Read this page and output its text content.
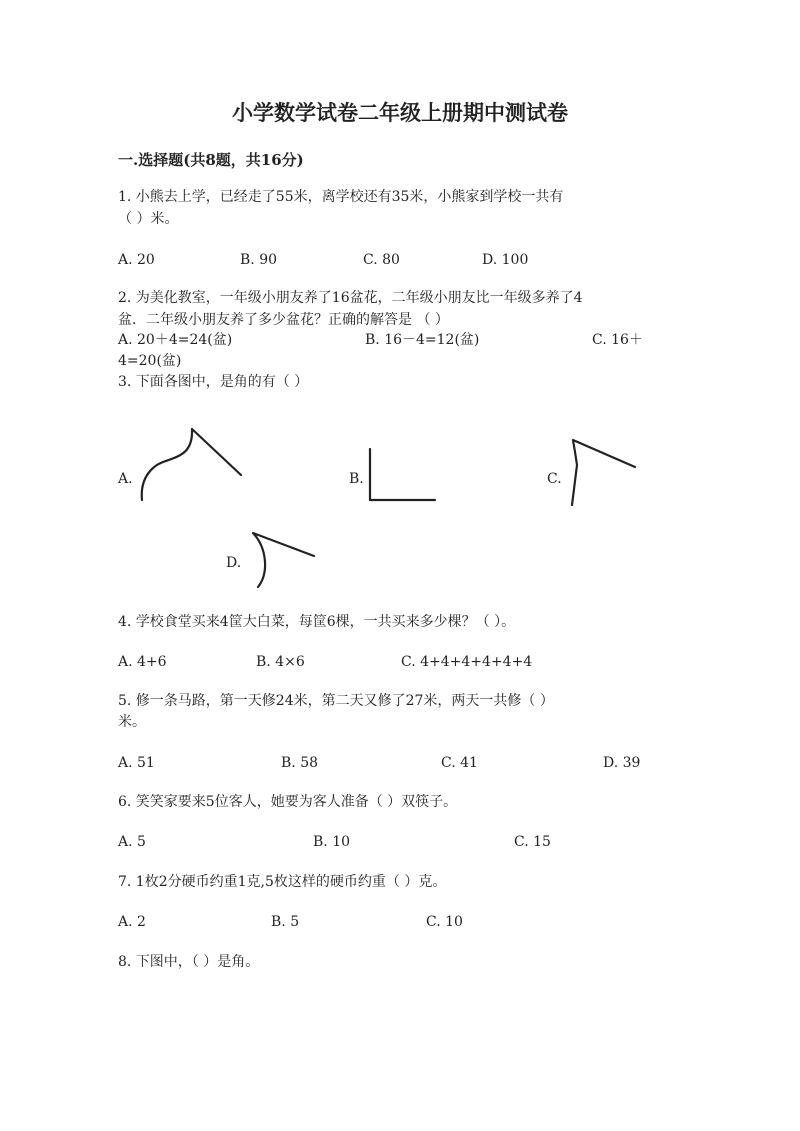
小学数学试卷二年级上册期中测试卷
一.选择题(共8题，共16分)
1. 小熊去上学，已经走了55米，离学校还有35米，小熊家到学校一共有
（ ）米。
A. 20	B. 90	C. 80	D. 100
2. 为美化教室，一年级小朋友养了16盆花，二年级小朋友比一年级多养了4
盆．二年级小朋友养了多少盆花？正确的解答是 （ ）
A. 20＋4=24(盆)	B. 16－4=12(盆)	C. 16＋
4=20(盆)
3. 下面各图中，是角的有（ ）
A.	B.	C.
D.
4. 学校食堂买来4筐大白菜，每筐6棵，一共买来多少棵？（ ）。
A. 4+6	B. 4×6	C. 4+4+4+4+4+4
5. 修一条马路，第一天修24米，第二天又修了27米，两天一共修（ ）
米。
A. 51	B. 58	C. 41	D. 39
6. 笑笑家要来5位客人，她要为客人准备（ ）双筷子。
A. 5	B. 10	C. 15
7. 1枚2分硬币约重1克,5枚这样的硬币约重（ ）克。
A. 2	B. 5	C. 10
8. 下图中，（ ）是角。
